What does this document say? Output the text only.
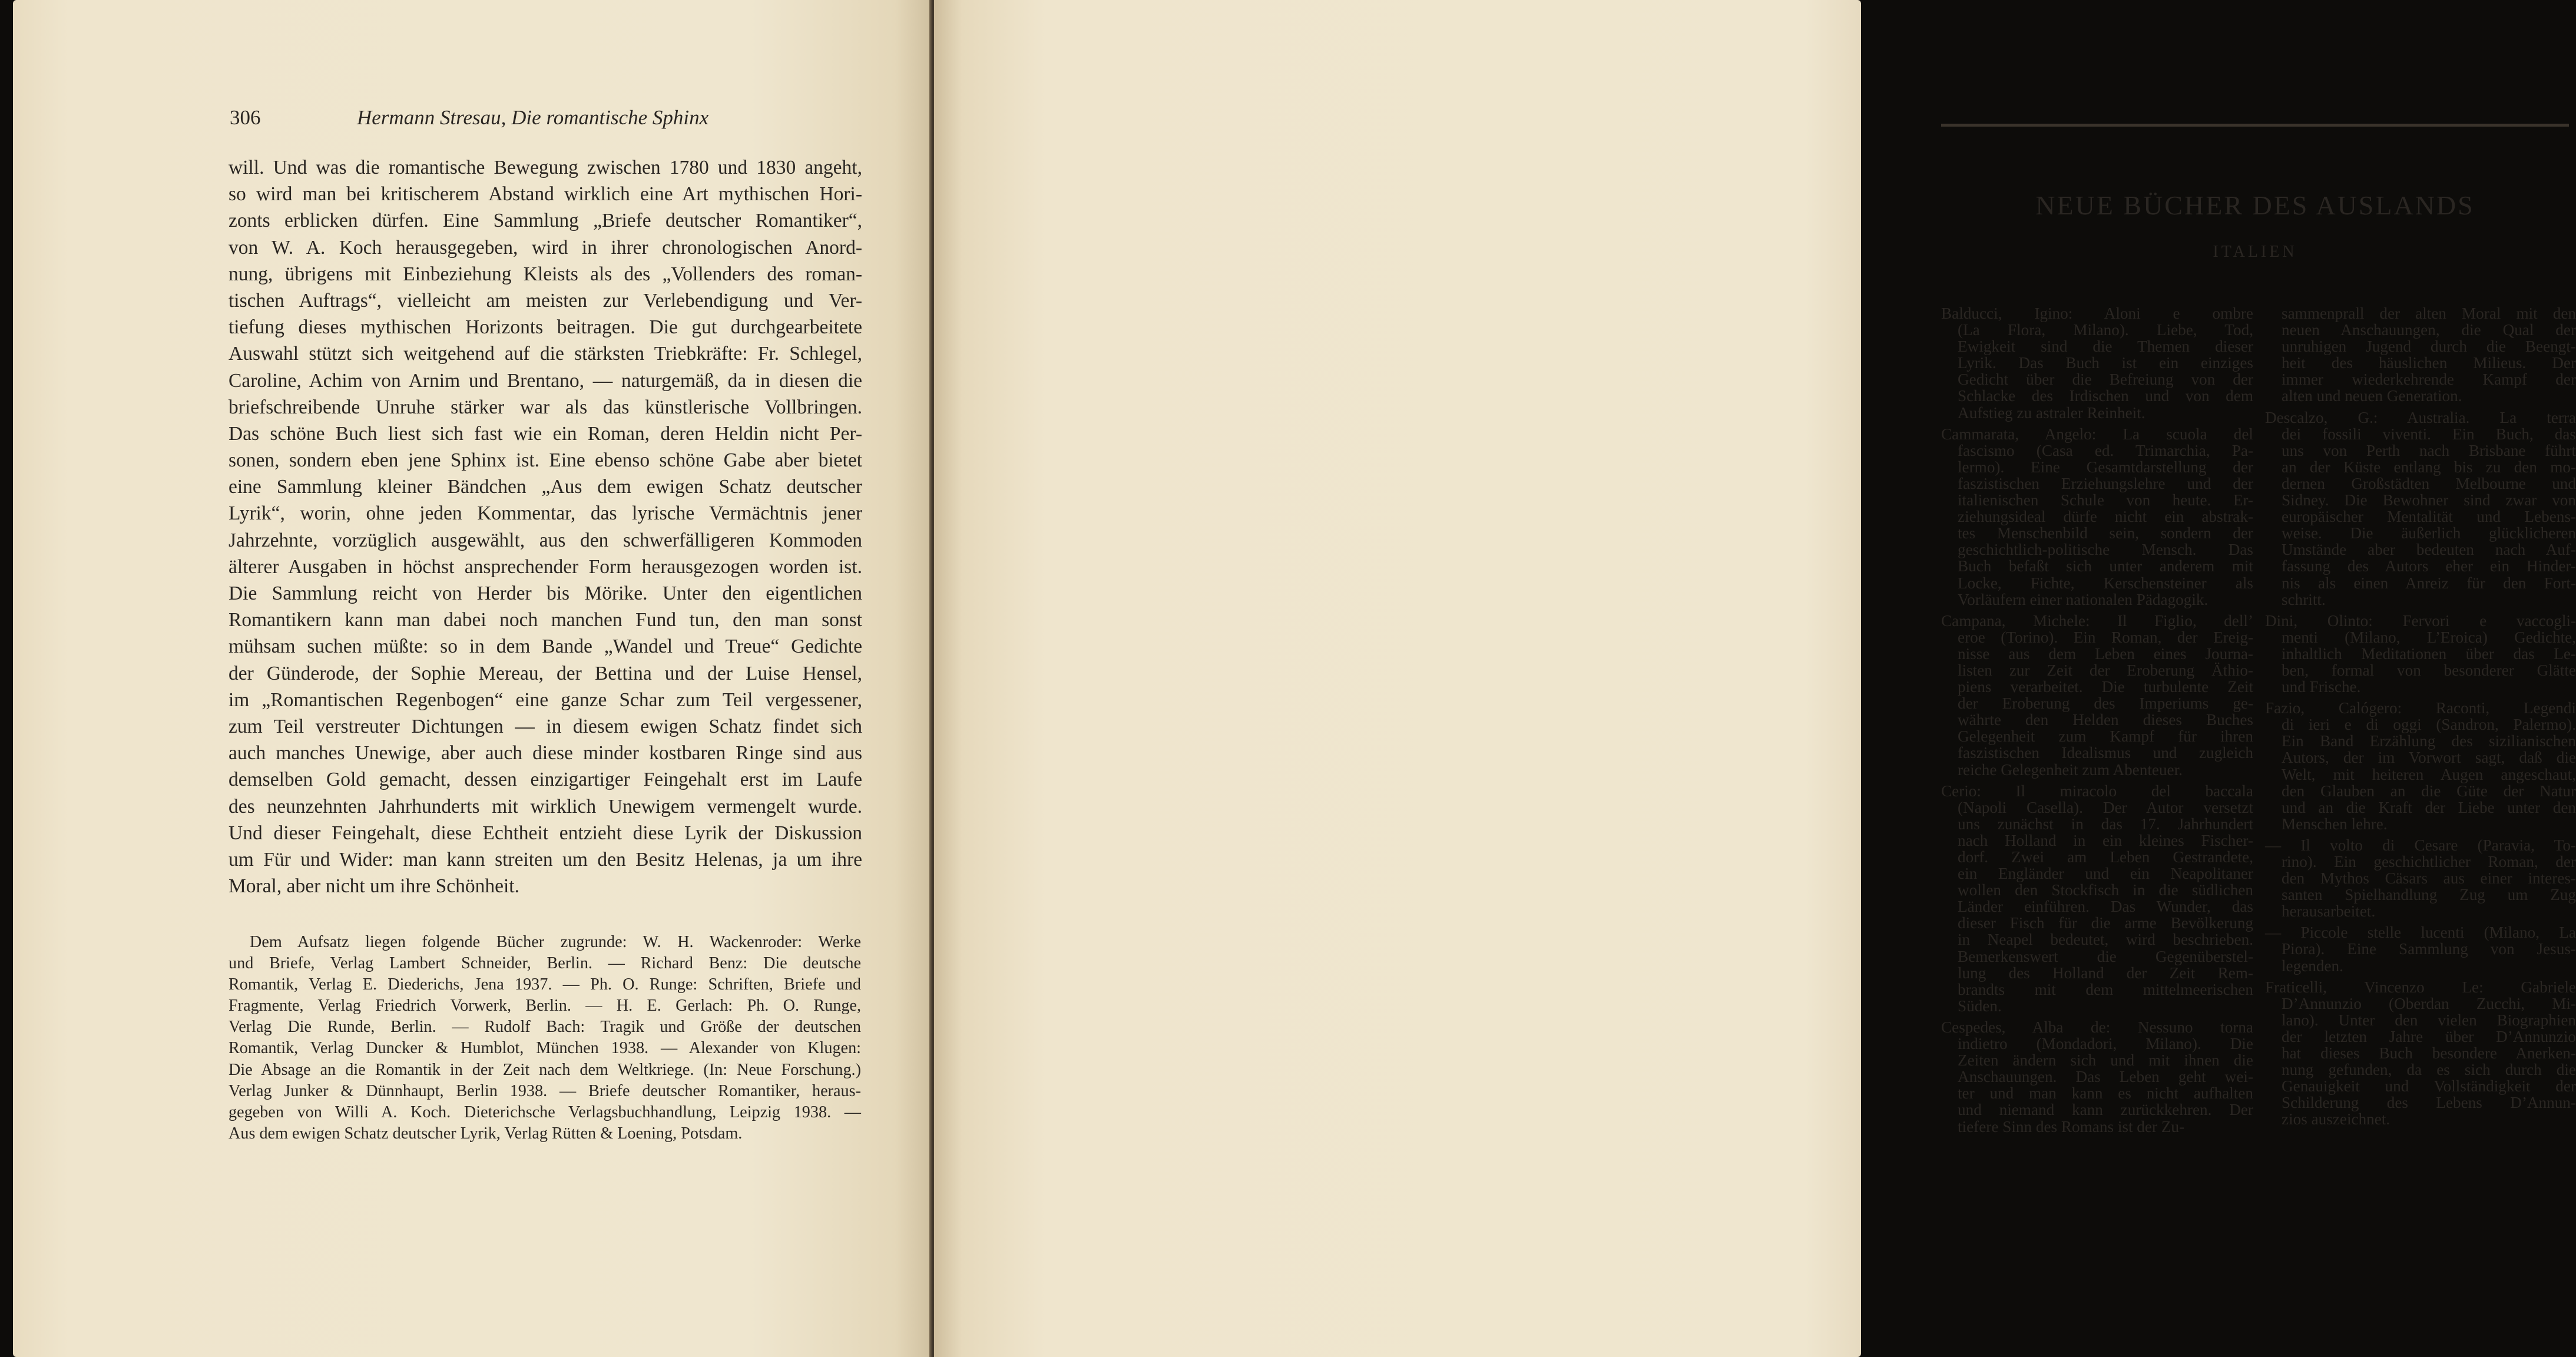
306	Hermann Stresau, Die romantische Sphinx
will. Und was die romantische Bewegung zwischen 1780 und 1830 angeht,
so wird man bei kritischerem Abstand wirklich eine Art mythischen Hori-
zonts erblicken dürfen. Eine Sammlung „Briefe deutscher Romantiker“,
von W. A. Koch herausgegeben, wird in ihrer chronologischen Anord-
nung, übrigens mit Einbeziehung Kleists als des „Vollenders des roman-
tischen Auftrags“, vielleicht am meisten zur Verlebendigung und Ver-
tiefung dieses mythischen Horizonts beitragen. Die gut durchgearbeitete
Auswahl stützt sich weitgehend auf die stärksten Triebkräfte: Fr. Schlegel,
Caroline, Achim von Arnim und Brentano, — naturgemäß, da in diesen die
briefschreibende Unruhe stärker war als das künstlerische Vollbringen.
Das schöne Buch liest sich fast wie ein Roman, deren Heldin nicht Per-
sonen, sondern eben jene Sphinx ist. Eine ebenso schöne Gabe aber bietet
eine Sammlung kleiner Bändchen „Aus dem ewigen Schatz deutscher
Lyrik“, worin, ohne jeden Kommentar, das lyrische Vermächtnis jener
Jahrzehnte, vorzüglich ausgewählt, aus den schwerfälligeren Kommoden
älterer Ausgaben in höchst ansprechender Form herausgezogen worden ist.
Die Sammlung reicht von Herder bis Mörike. Unter den eigentlichen
Romantikern kann man dabei noch manchen Fund tun, den man sonst
mühsam suchen müßte: so in dem Bande „Wandel und Treue“ Gedichte
der Günderode, der Sophie Mereau, der Bettina und der Luise Hensel,
im „Romantischen Regenbogen“ eine ganze Schar zum Teil vergessener,
zum Teil verstreuter Dichtungen — in diesem ewigen Schatz findet sich
auch manches Unewige, aber auch diese minder kostbaren Ringe sind aus
demselben Gold gemacht, dessen einzigartiger Feingehalt erst im Laufe
des neunzehnten Jahrhunderts mit wirklich Unewigem vermengelt wurde.
Und dieser Feingehalt, diese Echtheit entzieht diese Lyrik der Diskussion
um Für und Wider: man kann streiten um den Besitz Helenas, ja um ihre
Moral, aber nicht um ihre Schönheit.
Dem Aufsatz liegen folgende Bücher zugrunde: W. H. Wackenroder: Werke
und Briefe, Verlag Lambert Schneider, Berlin. — Richard Benz: Die deutsche
Romantik, Verlag E. Diederichs, Jena 1937. — Ph. O. Runge: Schriften, Briefe und
Fragmente, Verlag Friedrich Vorwerk, Berlin. — H. E. Gerlach: Ph. O. Runge,
Verlag Die Runde, Berlin. — Rudolf Bach: Tragik und Größe der deutschen
Romantik, Verlag Duncker & Humblot, München 1938. — Alexander von Klugen:
Die Absage an die Romantik in der Zeit nach dem Weltkriege. (In: Neue Forschung.)
Verlag Junker & Dünnhaupt, Berlin 1938. — Briefe deutscher Romantiker, heraus-
gegeben von Willi A. Koch. Dieterichsche Verlagsbuchhandlung, Leipzig 1938. —
Aus dem ewigen Schatz deutscher Lyrik, Verlag Rütten & Loening, Potsdam.
NEUE BÜCHER DES AUSLANDS
ITALIEN
Balducci, Igino: Aloni e ombre
(La Flora, Milano). Liebe, Tod,
Ewigkeit sind die Themen dieser
Lyrik. Das Buch ist ein einziges
Gedicht über die Befreiung von der
Schlacke des Irdischen und von dem
Aufstieg zu astraler Reinheit.
Cammarata, Angelo: La scuola del
fascismo (Casa ed. Trimarchia, Pa-
lermo). Eine Gesamtdarstellung der
faszistischen Erziehungslehre und der
italienischen Schule von heute. Er-
ziehungsideal dürfe nicht ein abstrak-
tes Menschenbild sein, sondern der
geschichtlich-politische Mensch. Das
Buch befaßt sich unter anderem mit
Locke, Fichte, Kerschensteiner als
Vorläufern einer nationalen Pädagogik.
Campana, Michele: Il Figlio, dell’
eroe (Torino). Ein Roman, der Ereig-
nisse aus dem Leben eines Journa-
listen zur Zeit der Eroberung Äthio-
piens verarbeitet. Die turbulente Zeit
der Eroberung des Imperiums ge-
währte den Helden dieses Buches
Gelegenheit zum Kampf für ihren
faszistischen Idealismus und zugleich
reiche Gelegenheit zum Abenteuer.
Cerio: Il miracolo del baccala
(Napoli Casella). Der Autor versetzt
uns zunächst in das 17. Jahrhundert
nach Holland in ein kleines Fischer-
dorf. Zwei am Leben Gestrandete,
ein Engländer und ein Neapolitaner
wollen den Stockfisch in die südlichen
Länder einführen. Das Wunder, das
dieser Fisch für die arme Bevölkerung
in Neapel bedeutet, wird beschrieben.
Bemerkenswert die Gegenüberstel-
lung des Holland der Zeit Rem-
brandts mit dem mittelmeerischen
Süden.
Cespedes, Alba de: Nessuno torna
indietro (Mondadori, Milano). Die
Zeiten ändern sich und mit ihnen die
Anschauungen. Das Leben geht wei-
ter und man kann es nicht aufhalten
und niemand kann zurückkehren. Der
tiefere Sinn des Romans ist der Zu-
sammenprall der alten Moral mit den
neuen Anschauungen, die Qual der
unruhigen Jugend durch die Beengt-
heit des häuslichen Milieus. Der
immer wiederkehrende Kampf der
alten und neuen Generation.
Descalzo, G.: Australia. La terra
dei fossili viventi. Ein Buch, das
uns von Perth nach Brisbane führt
an der Küste entlang bis zu den mo-
dernen Großstädten Melbourne und
Sidney. Die Bewohner sind zwar von
europäischer Mentalität und Lebens-
weise. Die äußerlich glücklicheren
Umstände aber bedeuten nach Auf-
fassung des Autors eher ein Hinder-
nis als einen Anreiz für den Fort-
schritt.
Dini, Olinto: Fervori e vaccogli-
menti (Milano, L’Eroica) Gedichte,
inhaltlich Meditationen über das Le-
ben, formal von besonderer Glätte
und Frische.
Fazio, Calógero: Raconti, Legendi
di ieri e di oggi (Sandron, Palermo).
Ein Band Erzählung des sizilianischen
Autors, der im Vorwort sagt, daß die
Welt, mit heiteren Augen angeschaut,
den Glauben an die Güte der Natur
und an die Kraft der Liebe unter den
Menschen lehre.
— Il volto di Cesare (Paravia, To-
rino). Ein geschichtlicher Roman, der
den Mythos Cäsars aus einer interes-
santen Spielhandlung Zug um Zug
herausarbeitet.
— Piccole stelle lucenti (Milano, La
Piora). Eine Sammlung von Jesus-
legenden.
Fraticelli, Vincenzo Le: Gabriele
D’Annunzio (Oberdan Zucchi, Mi-
lano). Unter den vielen Biographien
der letzten Jahre über D’Annunzio
hat dieses Buch besondere Anerken-
nung gefunden, da es sich durch die
Genauigkeit und Vollständigkeit der
Schilderung des Lebens D’Annun-
zios auszeichnet.
